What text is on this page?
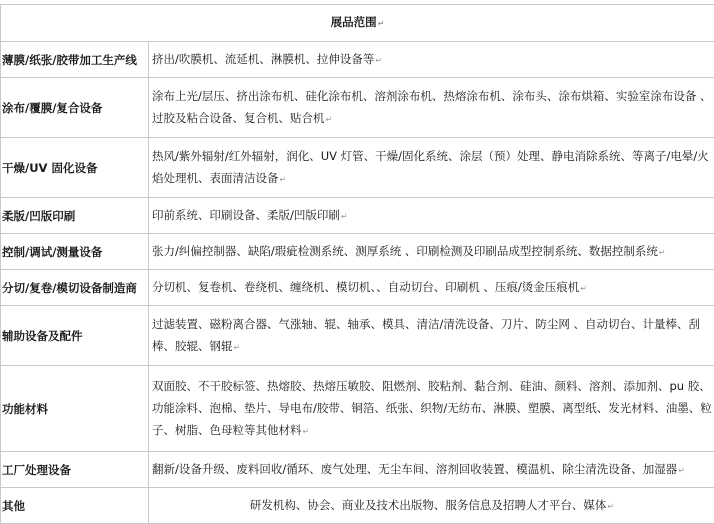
展品范围↵	
薄膜/纸张/胶带加工生产线	挤出/吹膜机、流延机、淋膜机、拉伸设备等↵
涂布/覆膜/复合设备	涂布上光/层压、挤出涂布机、硅化涂布机、溶剂涂布机、热熔涂布机、涂布头、涂布烘箱、实验室涂布设备 、过胶及粘合设备、复合机、贴合机↵
干燥/UV 固化设备	热风/紫外辐射/红外辐射，润化、UV 灯管、干燥/固化系统、涂层（预）处理、静电消除系统、等离子/电晕/火焰处理机、表面清洁设备↵
柔版/凹版印刷	印前系统、印刷设备、柔版/凹版印刷↵
控制/调试/测量设备	张力/纠偏控制器、缺陷/瑕疵检测系统、测厚系统 、印刷检测及印刷品成型控制系统、数据控制系统↵
分切/复卷/模切设备制造商	分切机、复卷机、卷绕机、缠绕机、模切机、、自动切台、印刷机 、压痕/烫金压痕机↵
辅助设备及配件	过滤装置、磁粉离合器、气涨轴、辊、轴承、模具、清洁/清洗设备、刀片、防尘网 、自动切台、计量棒、刮棒、胶辊、钢辊↵
功能材料	双面胶、不干胶标签、热熔胶、热熔压敏胶、阻燃剂、胶粘剂、黏合剂、硅油、颜料、溶剂、添加剂、pu 胶、功能涂料、泡棉、垫片、导电布/胶带、铜箔、纸张、织物/无纺布、淋膜、塑膜、离型纸、发光材料、油墨、粒子、树脂、色母粒等其他材料↵
工厂处理设备	翻新/设备升级、废料回收/循环、废气处理、无尘车间、溶剂回收装置、模温机、除尘清洗设备、加湿器↵
其他	研发机构、协会、商业及技术出版物、服务信息及招聘人才平台、媒体↵
